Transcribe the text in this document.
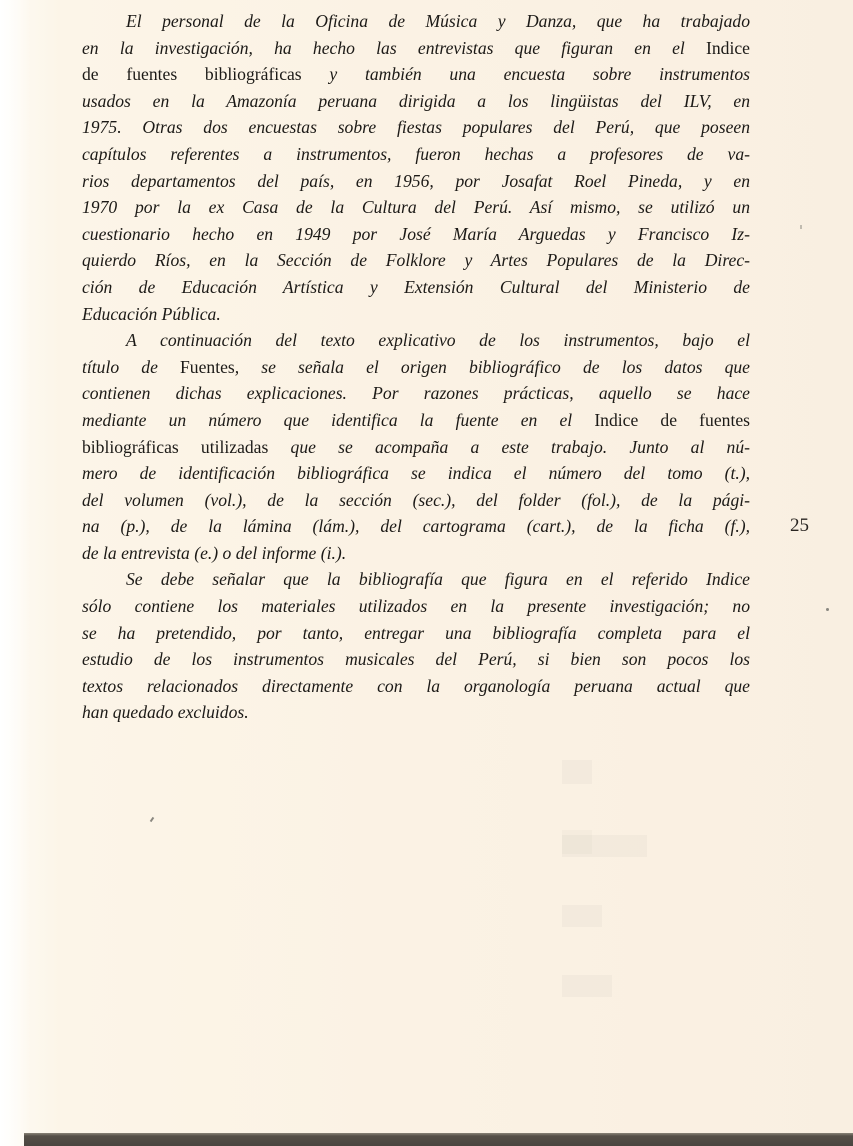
El personal de la Oficina de Música y Danza, que ha trabajado
en la investigación, ha hecho las entrevistas que figuran en el Indice
de fuentes bibliográficas y también una encuesta sobre instrumentos
usados en la Amazonía peruana dirigida a los lingüistas del ILV, en
1975. Otras dos encuestas sobre fiestas populares del Perú, que poseen
capítulos referentes a instrumentos, fueron hechas a profesores de va-
rios departamentos del país, en 1956, por Josafat Roel Pineda, y en
1970 por la ex Casa de la Cultura del Perú. Así mismo, se utilizó un
cuestionario hecho en 1949 por José María Arguedas y Francisco Iz-
quierdo Ríos, en la Sección de Folklore y Artes Populares de la Direc-
ción de Educación Artística y Extensión Cultural del Ministerio de
Educación Pública.
A continuación del texto explicativo de los instrumentos, bajo el
título de Fuentes, se señala el origen bibliográfico de los datos que
contienen dichas explicaciones. Por razones prácticas, aquello se hace
mediante un número que identifica la fuente en el Indice de fuentes
bibliográficas utilizadas que se acompaña a este trabajo. Junto al nú-
mero de identificación bibliográfica se indica el número del tomo (t.),
del volumen (vol.), de la sección (sec.), del folder (fol.), de la pági-
na (p.), de la lámina (lám.), del cartograma (cart.), de la ficha (f.),
de la entrevista (e.) o del informe (i.).
Se debe señalar que la bibliografía que figura en el referido Indice
sólo contiene los materiales utilizados en la presente investigación; no
se ha pretendido, por tanto, entregar una bibliografía completa para el
estudio de los instrumentos musicales del Perú, si bien son pocos los
textos relacionados directamente con la organología peruana actual que
han quedado excluidos.
25
